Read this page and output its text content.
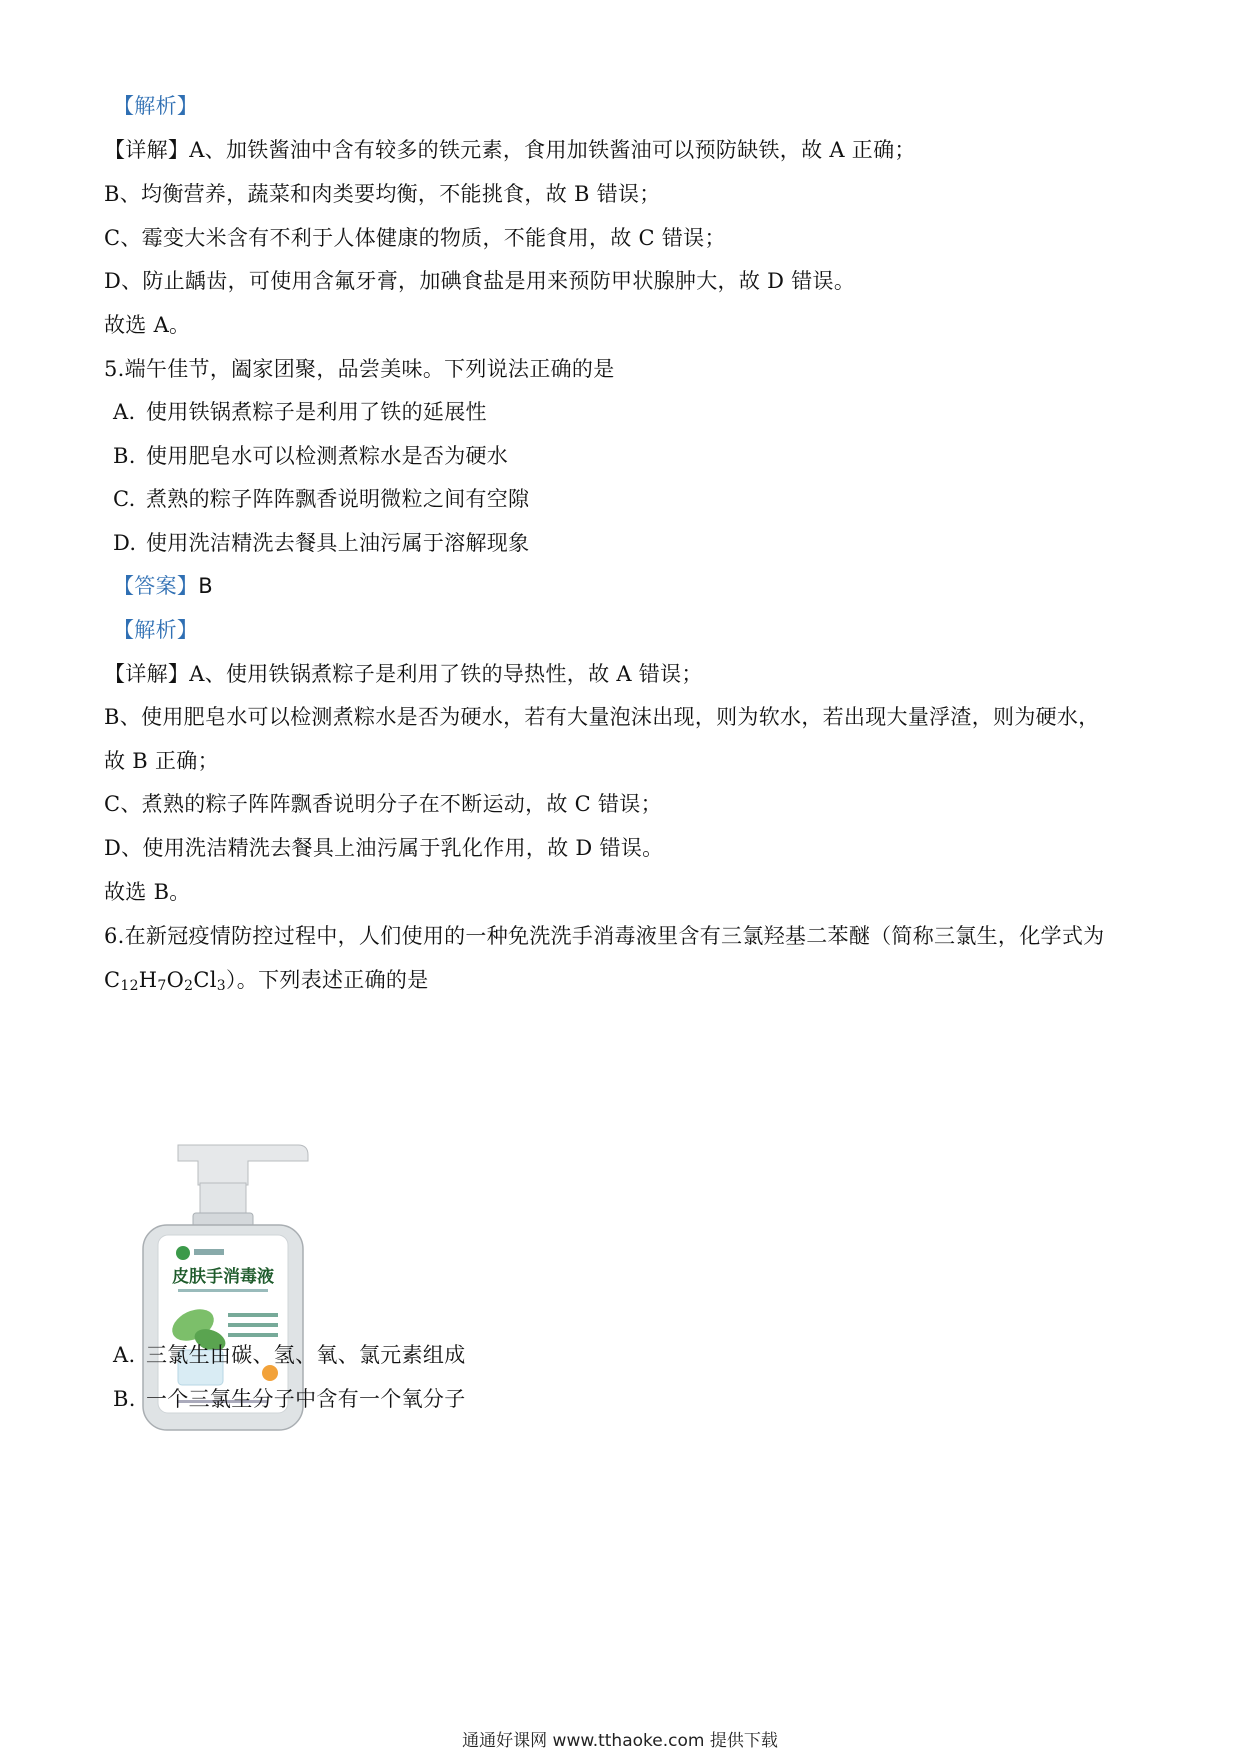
【解析】
【详解】A、加铁酱油中含有较多的铁元素，食用加铁酱油可以预防缺铁，故 A 正确；
B、均衡营养，蔬菜和肉类要均衡，不能挑食，故 B 错误；
C、霉变大米含有不利于人体健康的物质，不能食用，故 C 错误；
D、防止龋齿，可使用含氟牙膏，加碘食盐是用来预防甲状腺肿大，故 D 错误。
故选 A。
5.端午佳节，阖家团聚，品尝美味。下列说法正确的是
A. 使用铁锅煮粽子是利用了铁的延展性
B. 使用肥皂水可以检测煮粽水是否为硬水
C. 煮熟的粽子阵阵飘香说明微粒之间有空隙
D. 使用洗洁精洗去餐具上油污属于溶解现象
【答案】B
【解析】
【详解】A、使用铁锅煮粽子是利用了铁的导热性，故 A 错误；
B、使用肥皂水可以检测煮粽水是否为硬水，若有大量泡沫出现，则为软水，若出现大量浮渣，则为硬水，
故 B 正确；
C、煮熟的粽子阵阵飘香说明分子在不断运动，故 C 错误；
D、使用洗洁精洗去餐具上油污属于乳化作用，故 D 错误。
故选 B。
6.在新冠疫情防控过程中，人们使用的一种免洗洗手消毒液里含有三氯羟基二苯醚（简称三氯生，化学式为
$C_{12}H_7O_2Cl_3$）。下列表述正确的是
皮肤手消毒液
A. 三氯生由碳、氢、氧、氯元素组成
B. 一个三氯生分子中含有一个氧分子
通通好课网 www.tthaoke.com 提供下载
